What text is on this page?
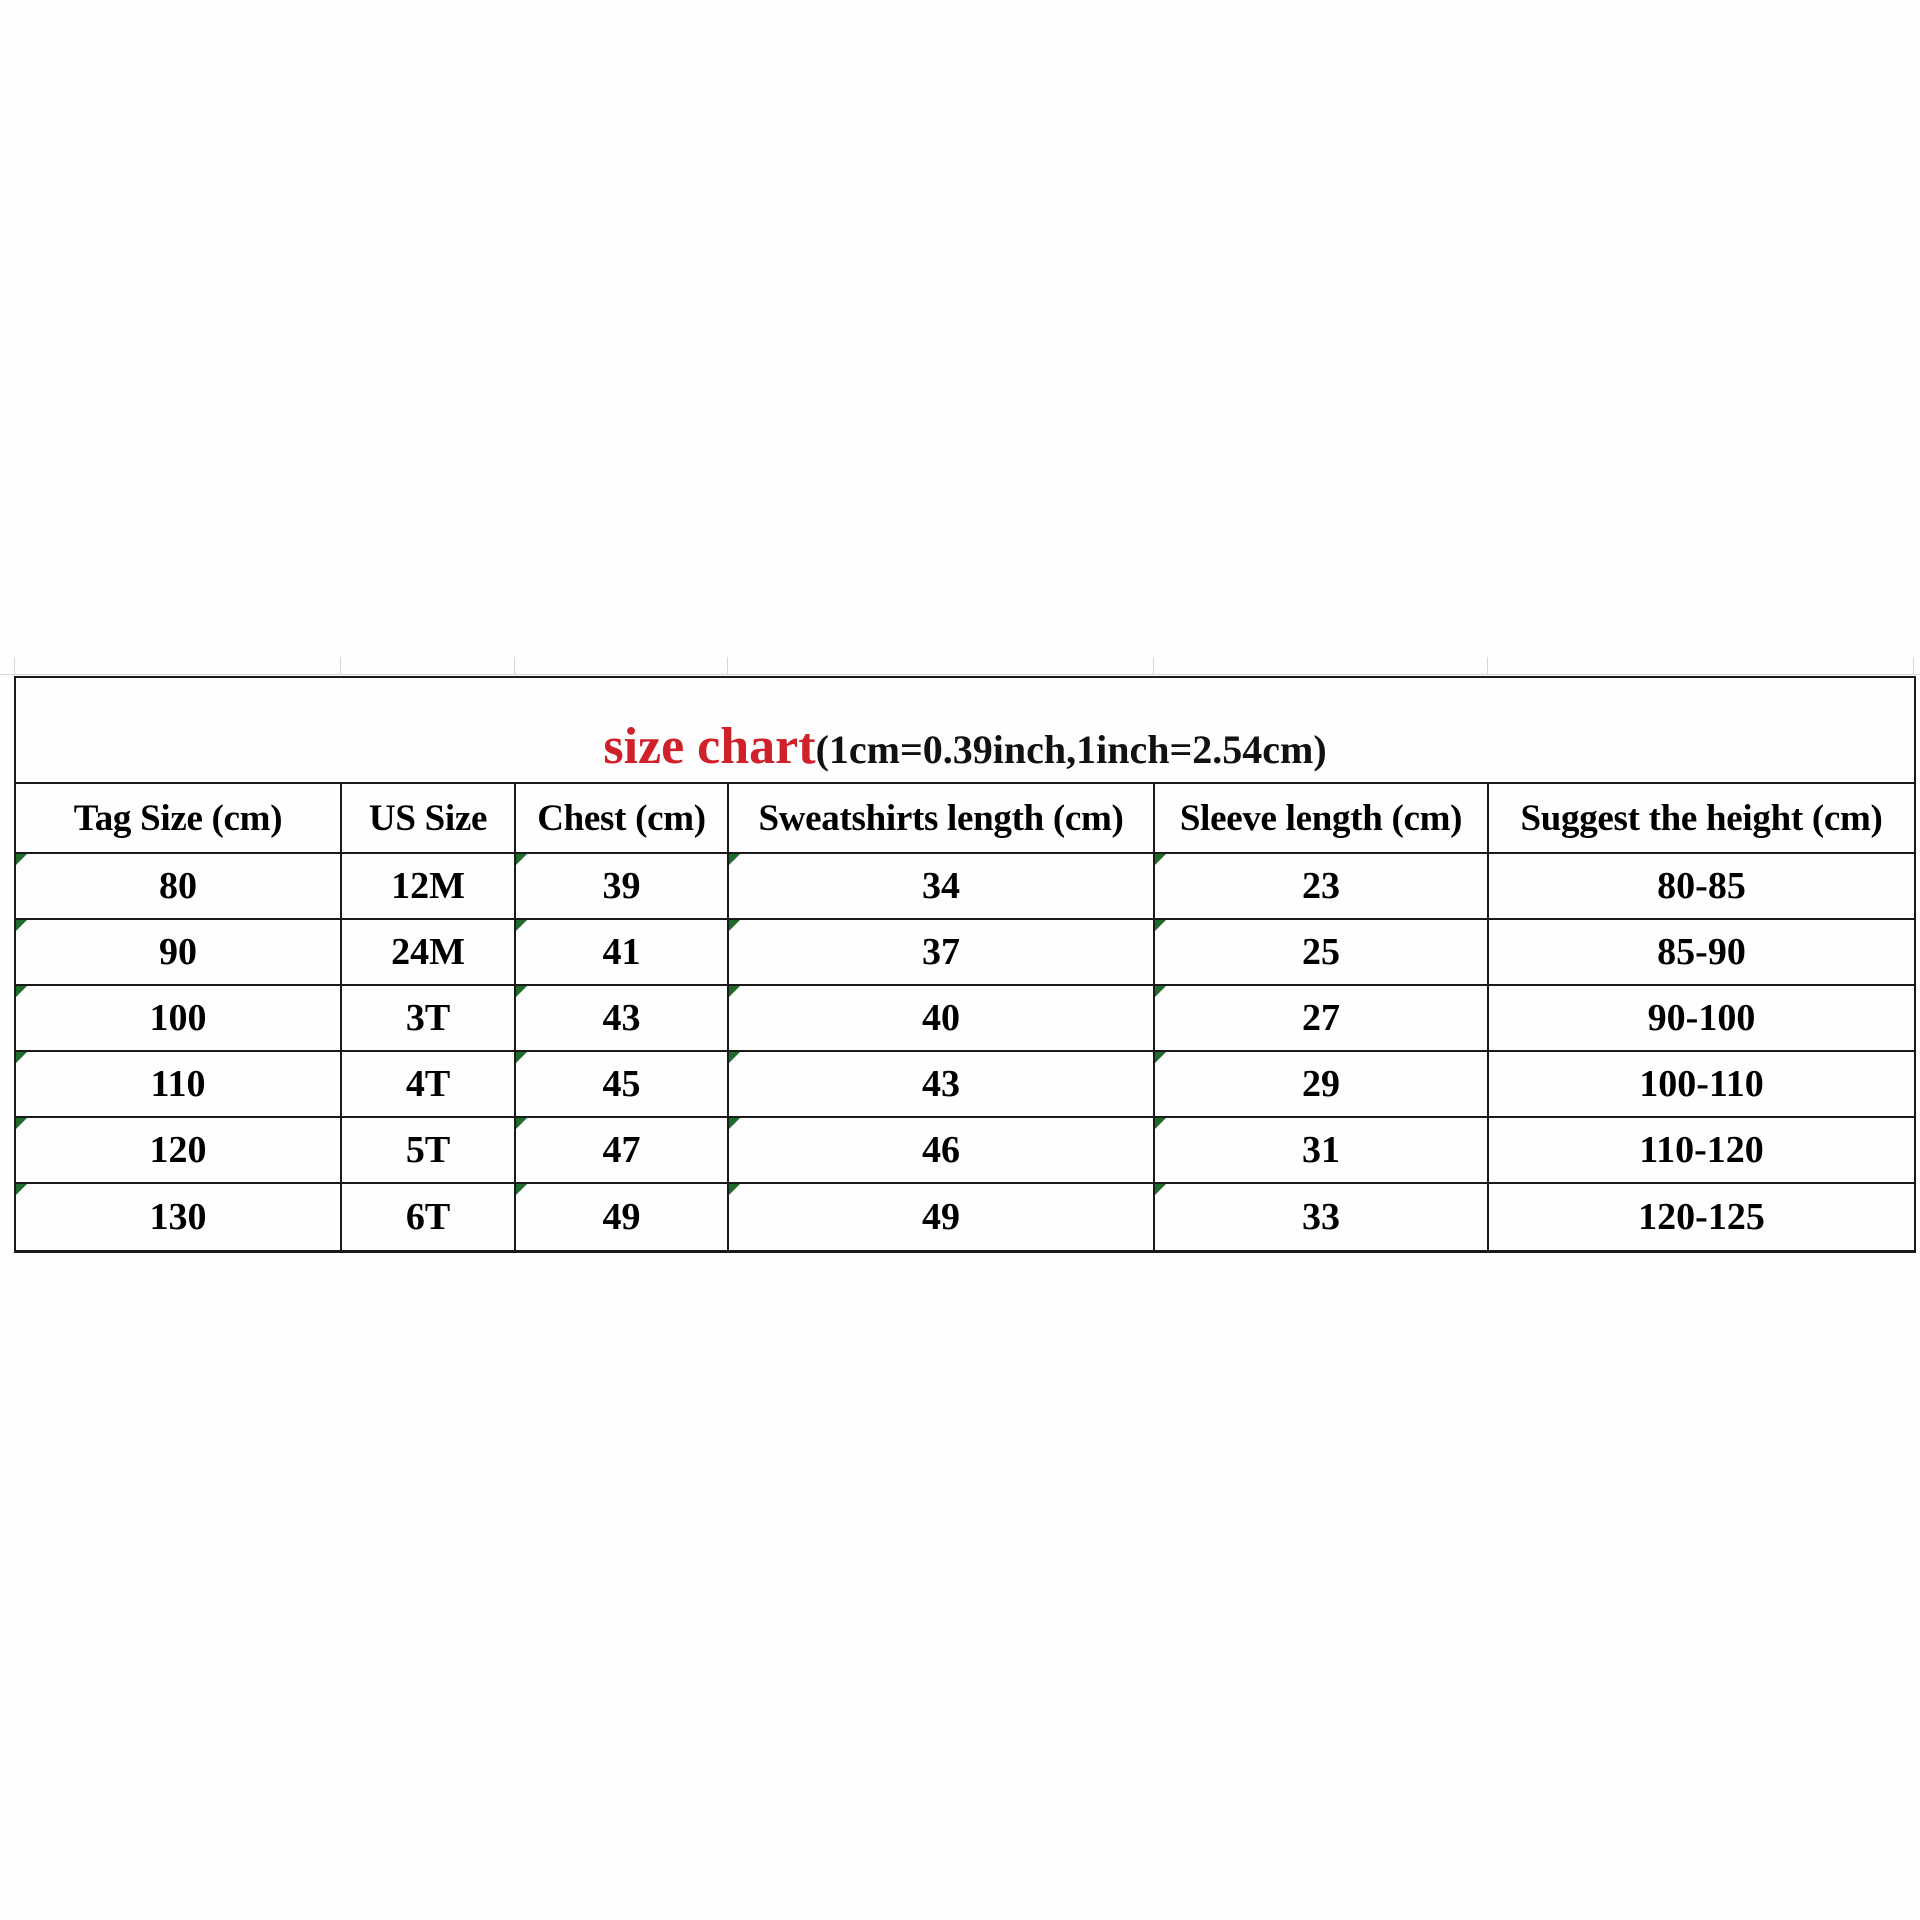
size chart(1cm=0.39inch,1inch=2.54cm)					
Tag Size (cm)	US Size	Chest (cm)	Sweatshirts length (cm)	Sleeve length (cm)	Suggest the height (cm)
80	12M	39	34	23	80-85
90	24M	41	37	25	85-90
100	3T	43	40	27	90-100
110	4T	45	43	29	100-110
120	5T	47	46	31	110-120
130	6T	49	49	33	120-125
